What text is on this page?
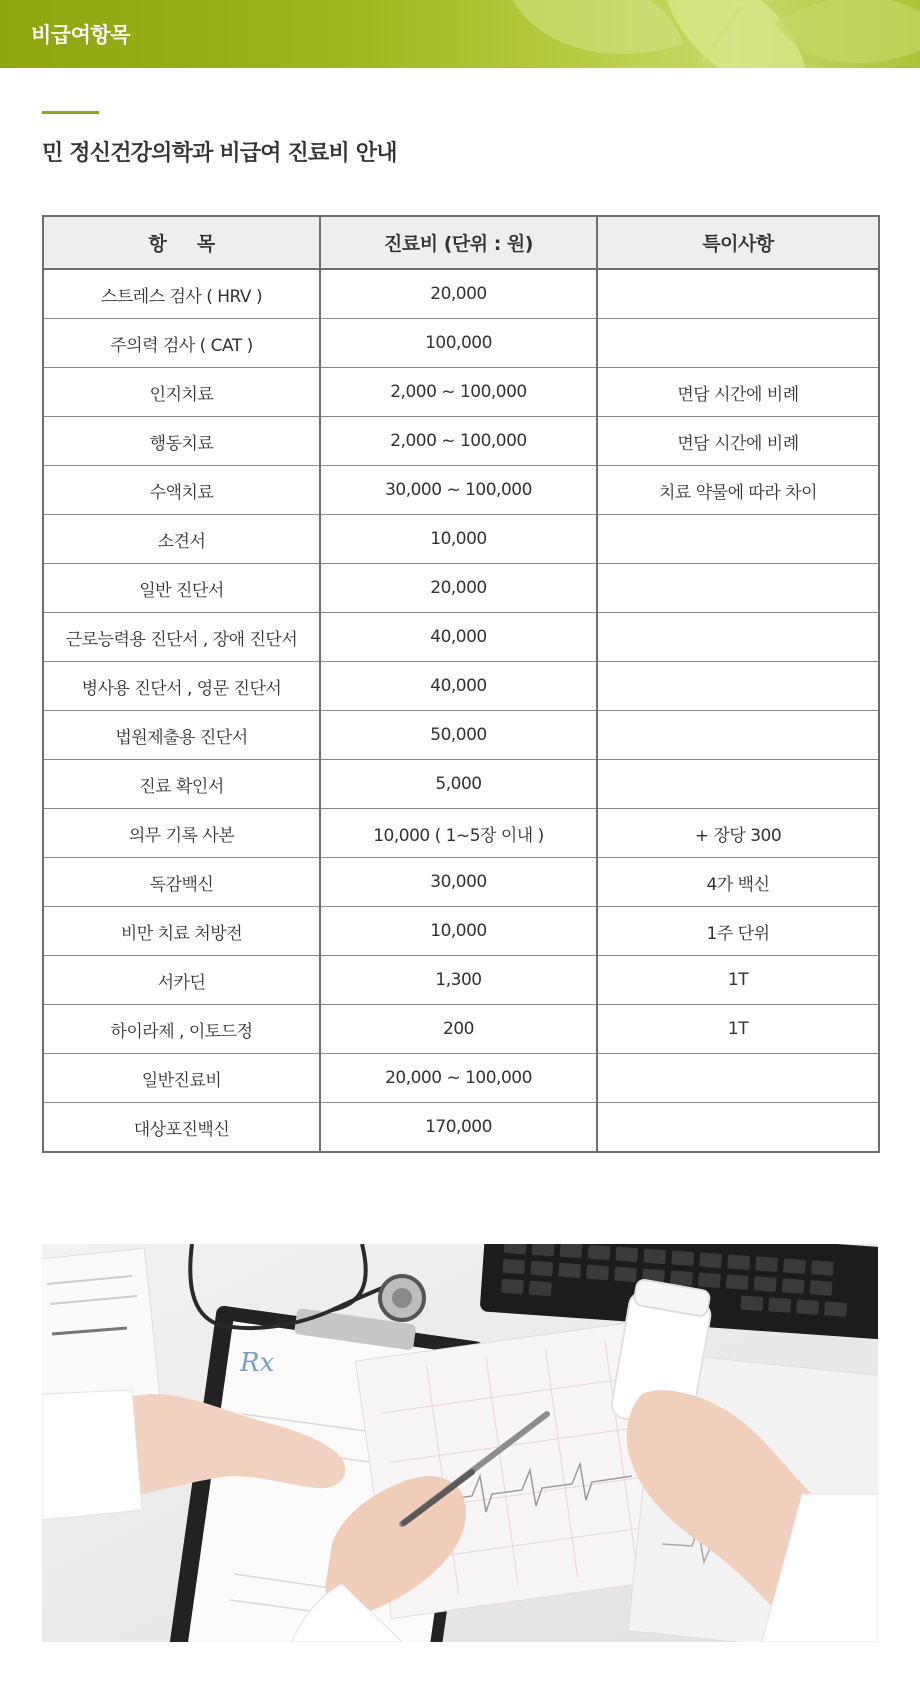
비급여항목
민 정신건강의학과 비급여 진료비 안내
항     목	진료비 (단위 : 원)	특이사항
스트레스 검사 ( HRV )	20,000	
주의력 검사 ( CAT )	100,000	
인지치료	2,000 ~ 100,000	면담 시간에 비례
행동치료	2,000 ~ 100,000	면담 시간에 비례
수액치료	30,000 ~ 100,000	치료 약물에 따라 차이
소견서	10,000	
일반 진단서	20,000	
근로능력용 진단서 , 장애 진단서	40,000	
병사용 진단서 , 영문 진단서	40,000	
법원제출용 진단서	50,000	
진료 확인서	5,000	
의무 기록 사본	10,000 ( 1~5장 이내 )	+ 장당 300
독감백신	30,000	4가 백신
비만 치료 처방전	10,000	1주 단위
서카딘	1,300	1T
하이라제 , 이토드정	200	1T
일반진료비	20,000 ~ 100,000	
대상포진백신	170,000	
Rx
